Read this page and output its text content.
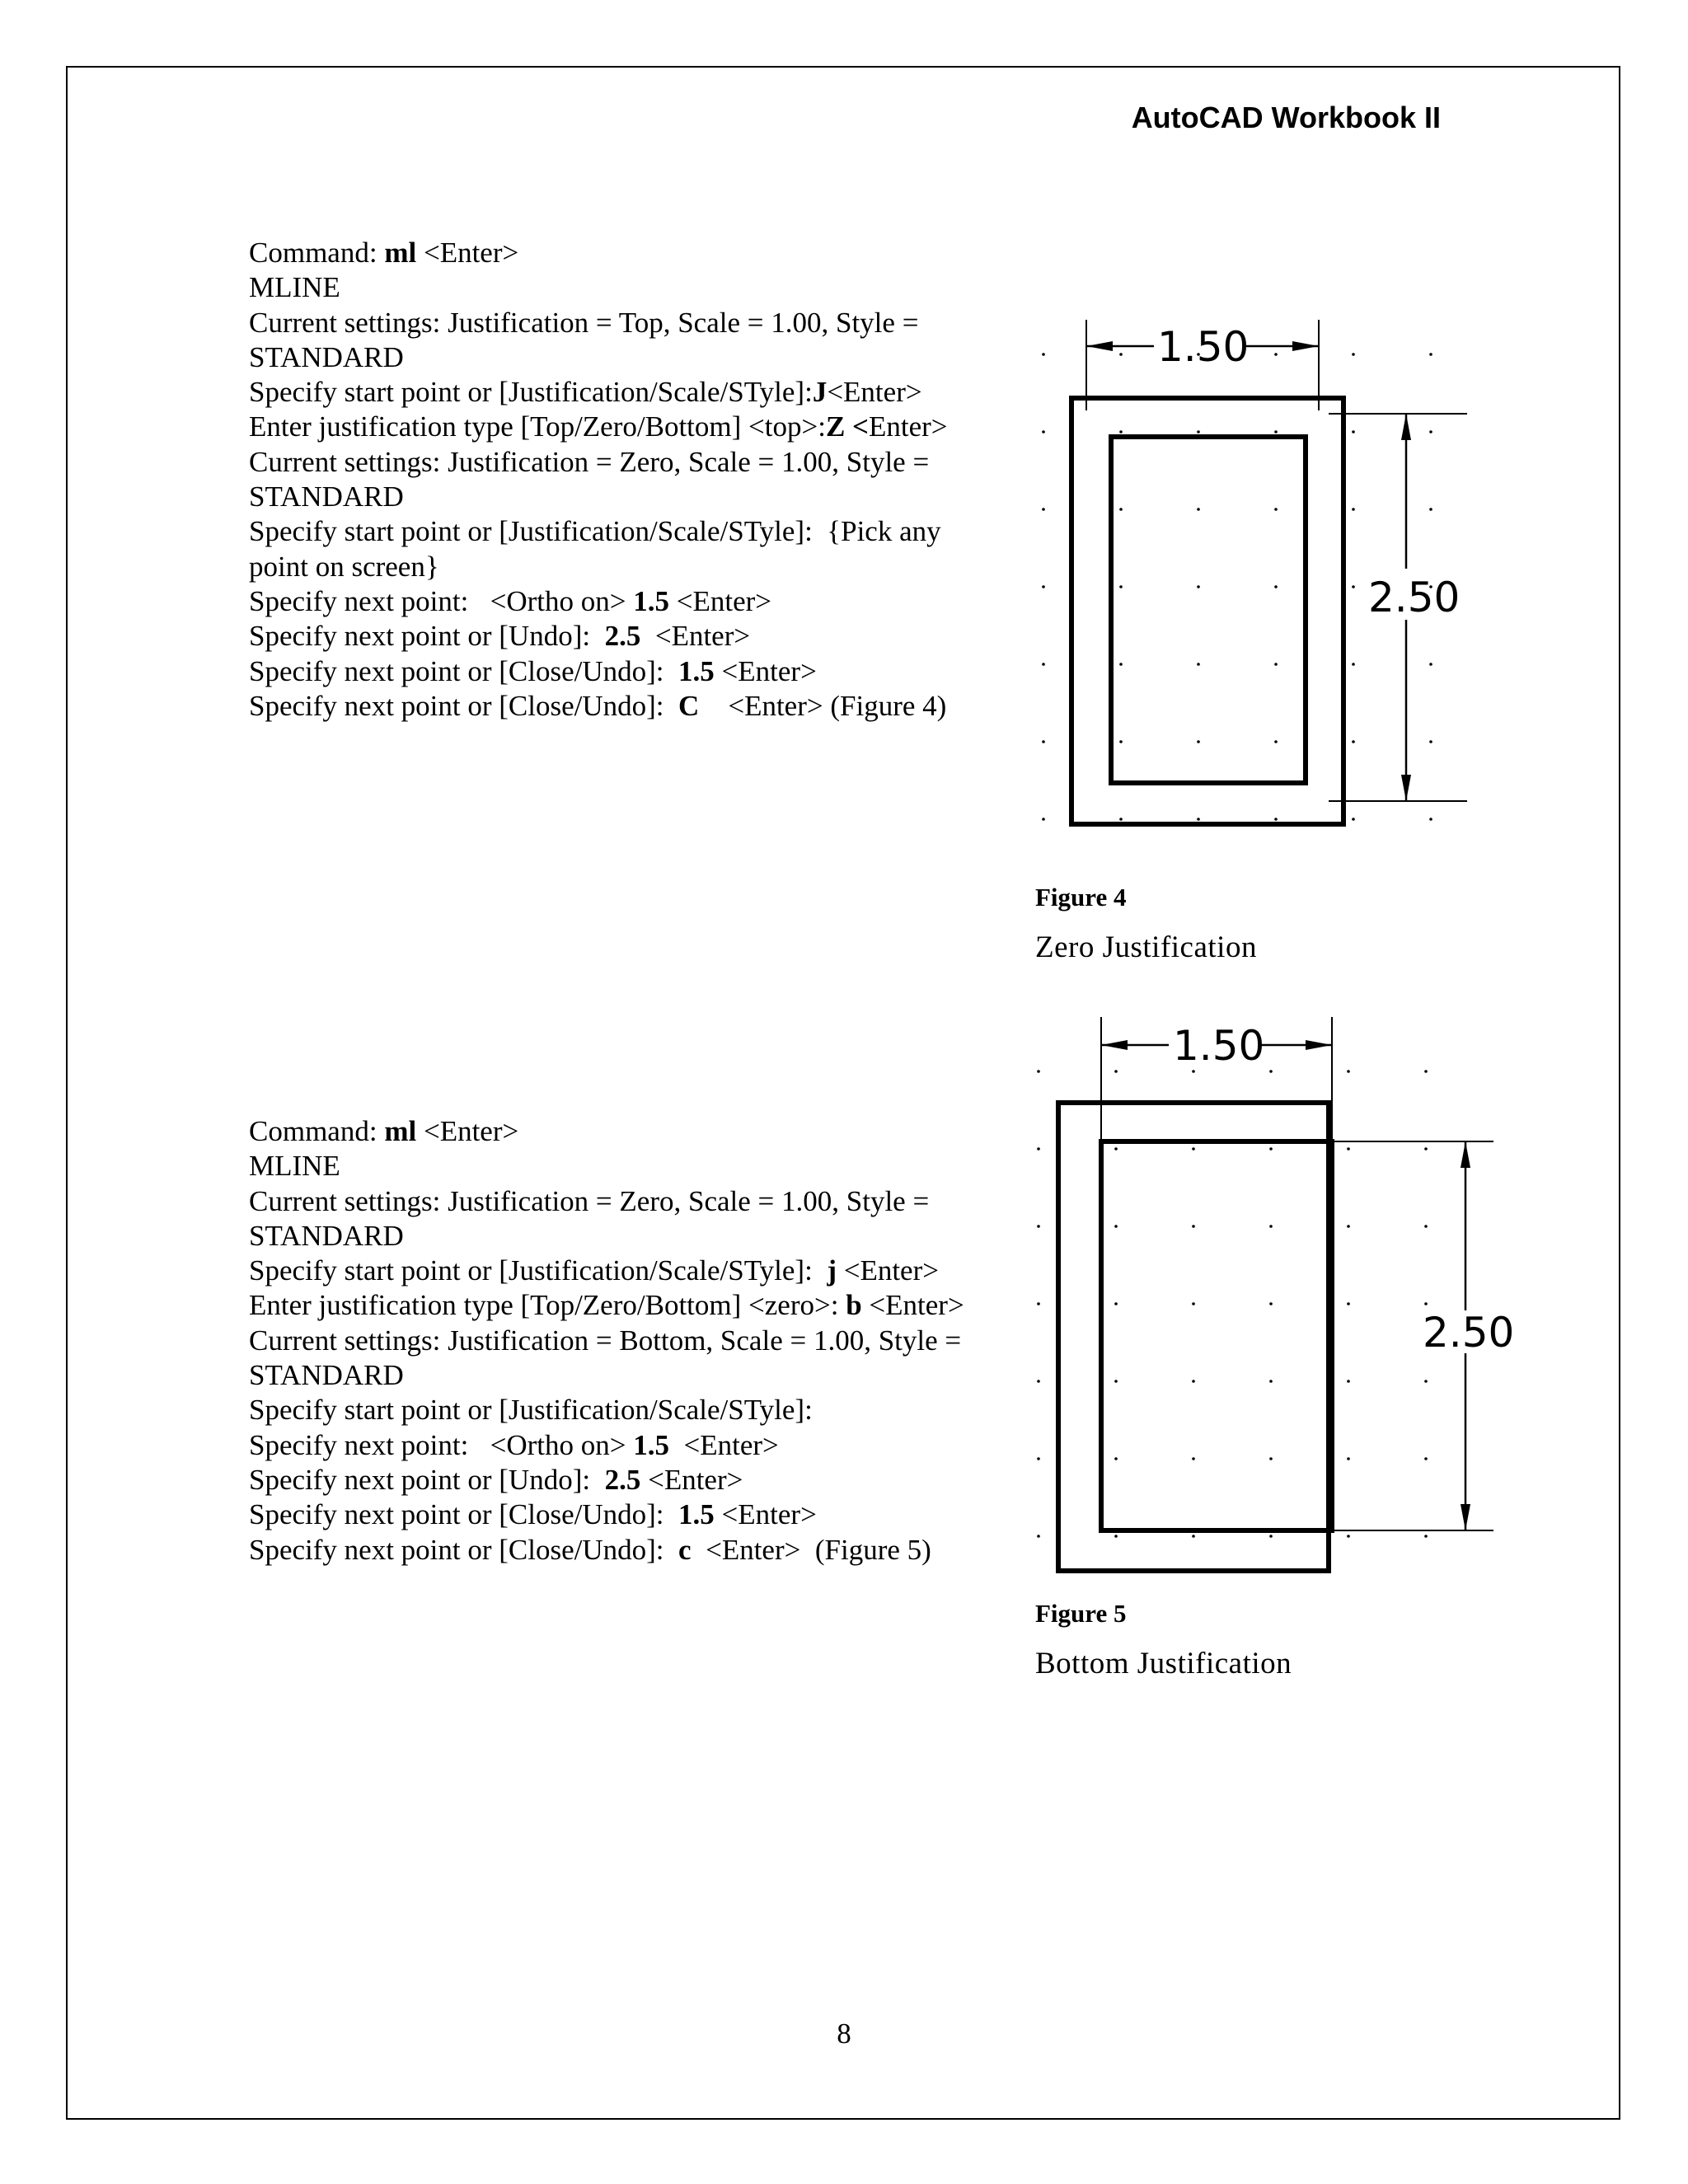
AutoCAD Workbook II
Command: ml <Enter>
MLINE
Current settings: Justification = Top, Scale = 1.00, Style =
STANDARD
Specify start point or [Justification/Scale/STyle]:J<Enter>
Enter justification type [Top/Zero/Bottom] <top>:Z <Enter>
Current settings: Justification = Zero, Scale = 1.00, Style =
STANDARD
Specify start point or [Justification/Scale/STyle]:  {Pick any
point on screen}
Specify next point:   <Ortho on> 1.5 <Enter>
Specify next point or [Undo]:  2.5  <Enter>
Specify next point or [Close/Undo]:  1.5 <Enter>
Specify next point or [Close/Undo]:  C    <Enter> (Figure 4)
Command: ml <Enter>
MLINE
Current settings: Justification = Zero, Scale = 1.00, Style =
STANDARD
Specify start point or [Justification/Scale/STyle]:  j <Enter>
Enter justification type [Top/Zero/Bottom] <zero>: b <Enter>
Current settings: Justification = Bottom, Scale = 1.00, Style =
STANDARD
Specify start point or [Justification/Scale/STyle]:
Specify next point:   <Ortho on> 1.5  <Enter>
Specify next point or [Undo]:  2.5 <Enter>
Specify next point or [Close/Undo]:  1.5 <Enter>
Specify next point or [Close/Undo]:  c  <Enter>  (Figure 5)
1.50
2.50
Figure 4
Zero Justification
1.50
2.50
Figure 5
Bottom Justification
8
